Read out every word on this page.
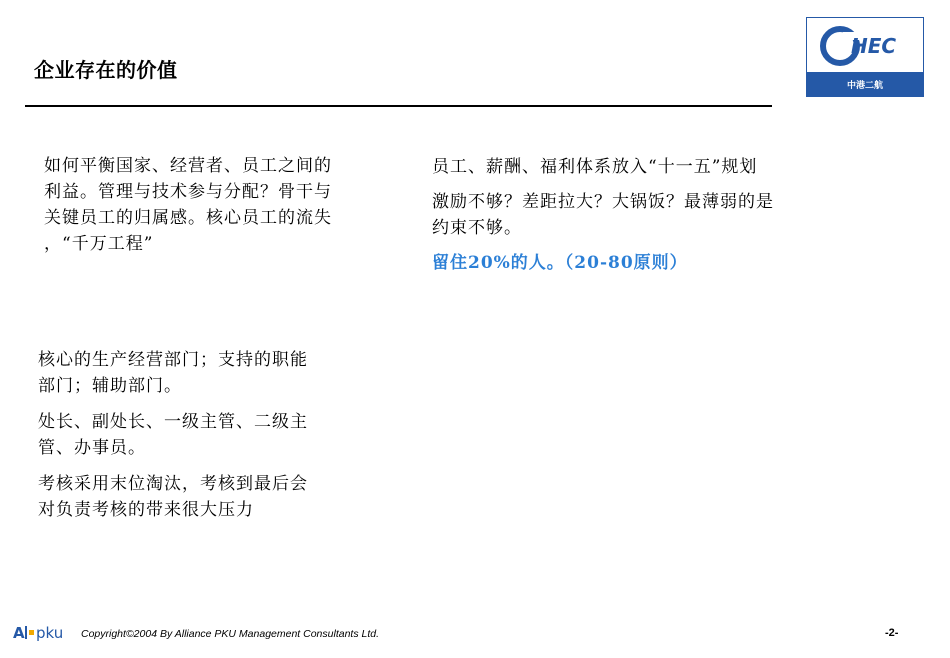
企业存在的价值
HEC
中港二航

如何平衡国家、经营者、员工之间的

利益。管理与技术参与分配？骨干与

关键员工的归属感。核心员工的流失

，“千万工程”

员工、薪酬、福利体系放入“十一五”规划

激励不够？差距拉大？大锅饭？最薄弱的是

约束不够。

留住20%的人。（20-80原则）

核心的生产经营部门；支持的职能

部门；辅助部门。

处长、副处长、一级主管、二级主

管、办事员。

考核采用末位淘汰，考核到最后会

对负责考核的带来很大压力

A pku Copyright©2004 By Alliance PKU Management Consultants Ltd.	-2-
